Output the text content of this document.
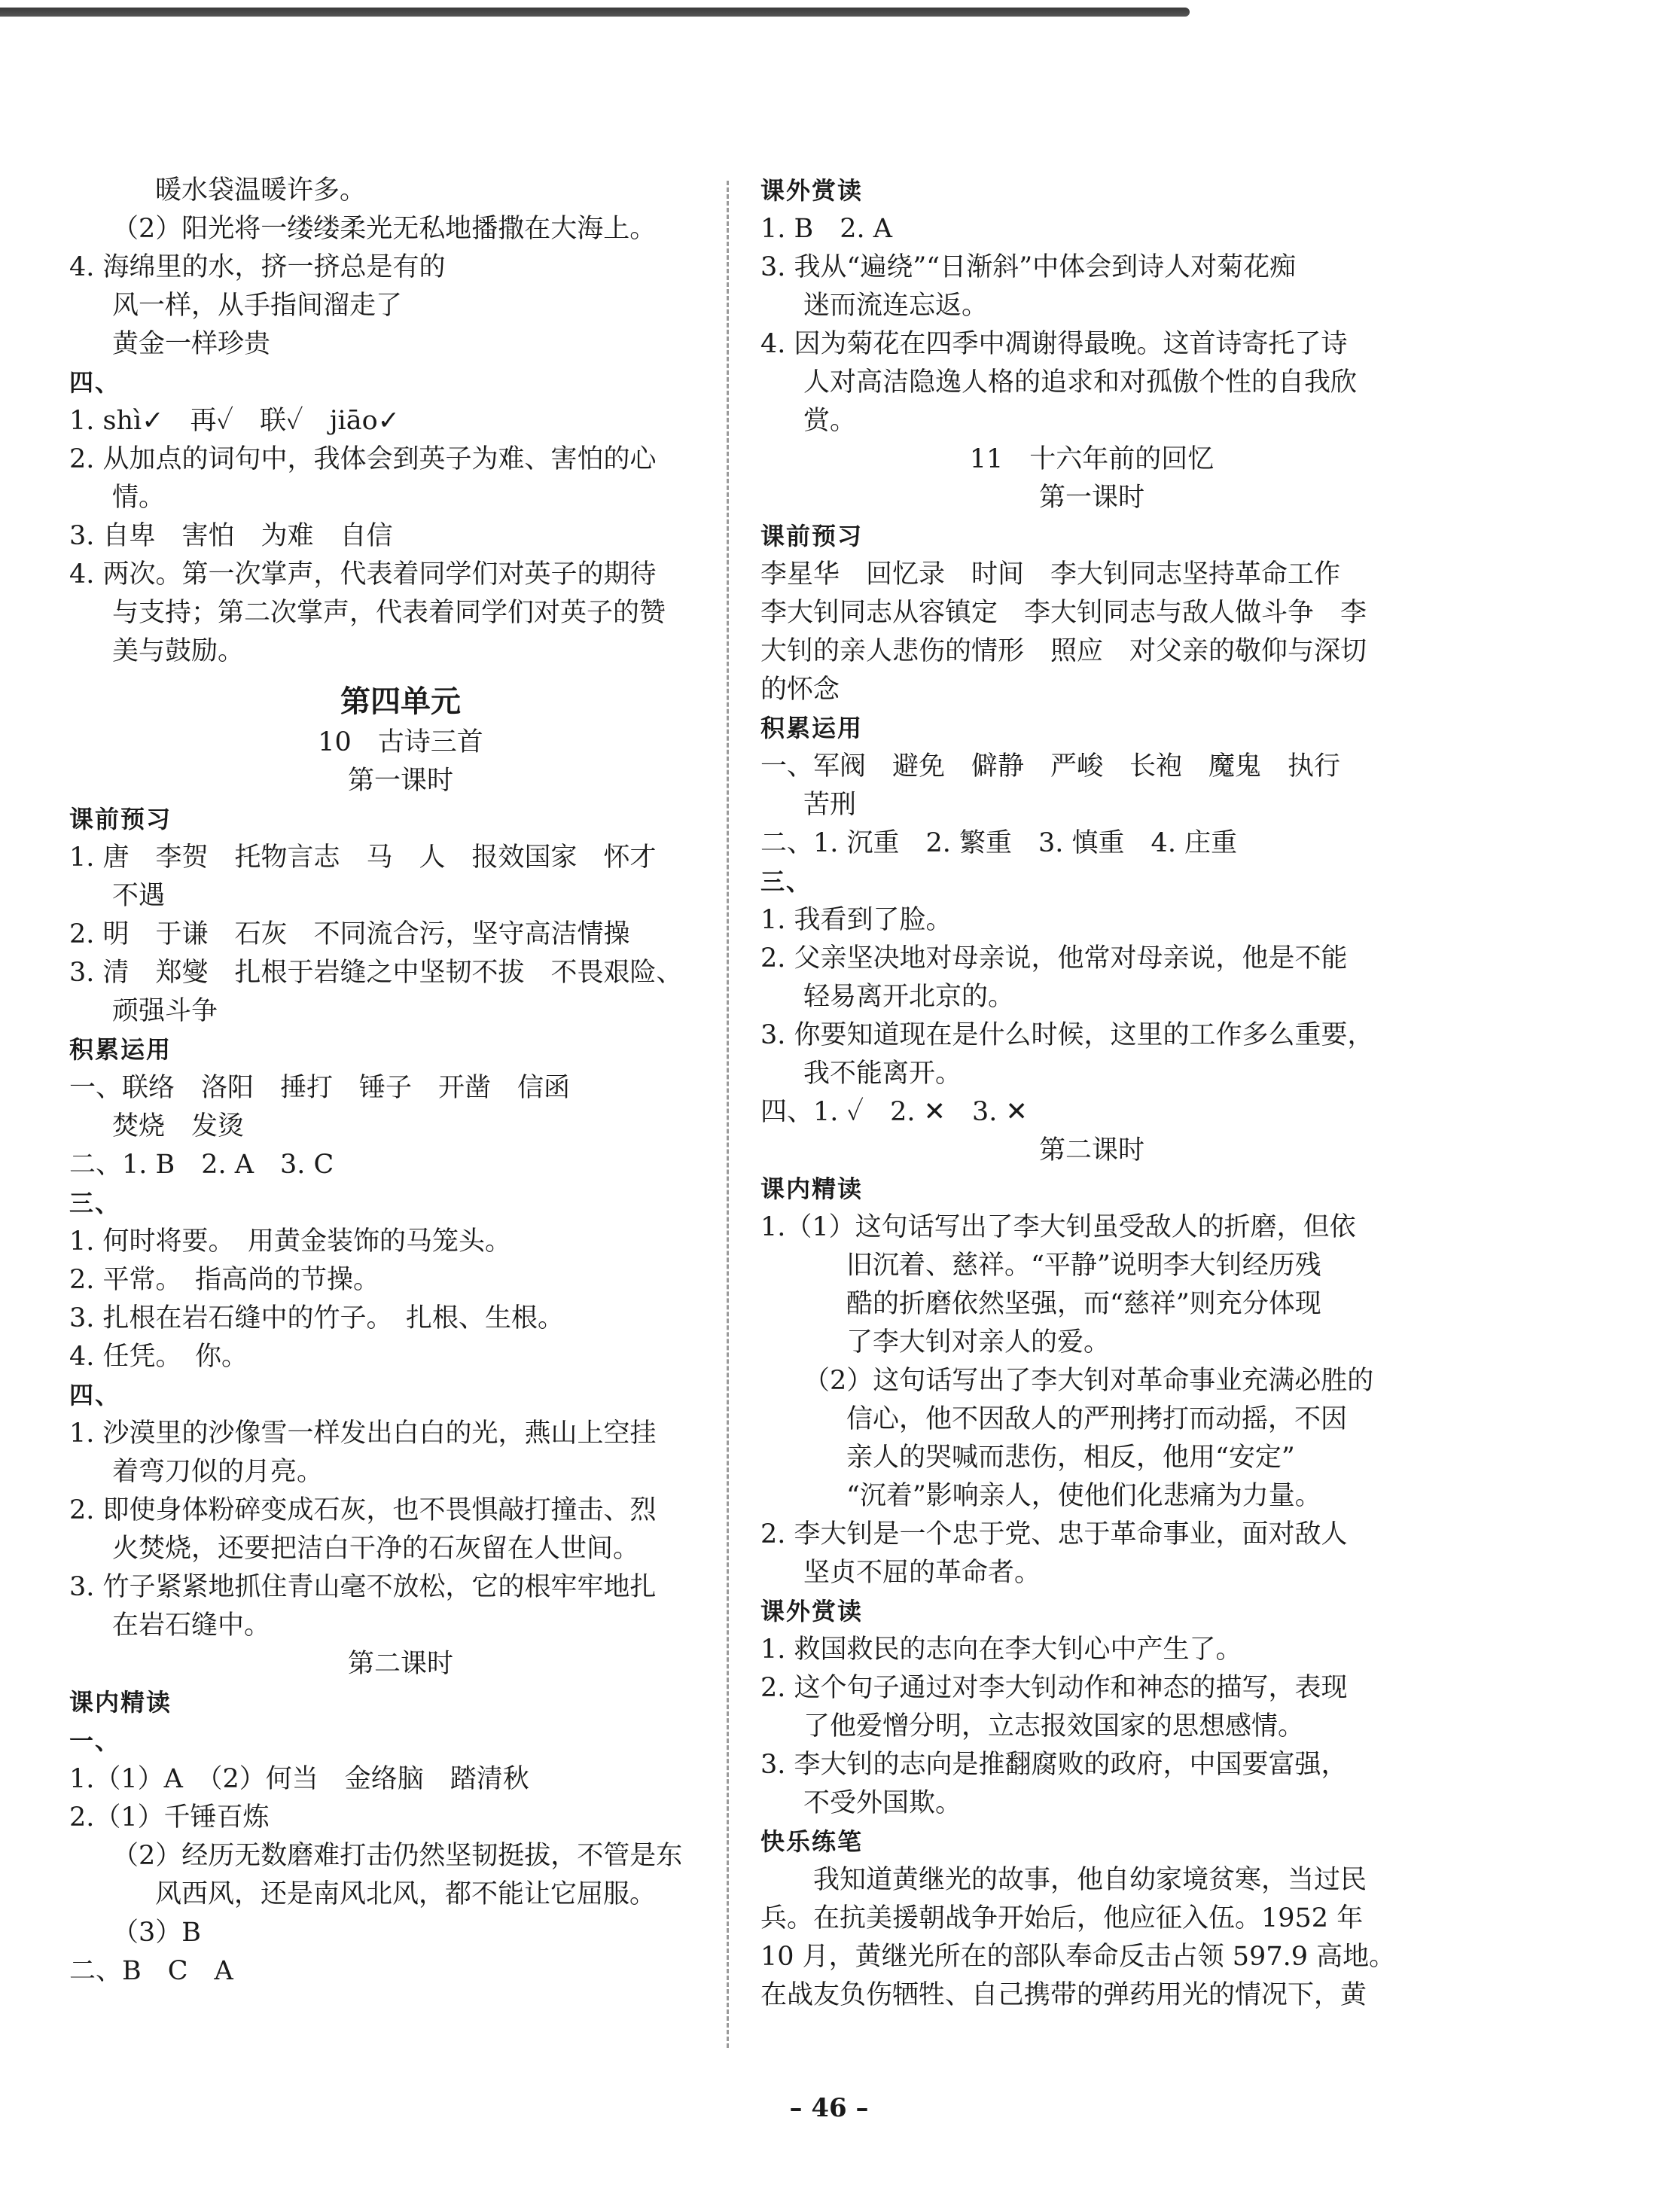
暖水袋温暖许多。
（2）阳光将一缕缕柔光无私地播撒在大海上。
4. 海绵里的水，挤一挤总是有的
风一样，从手指间溜走了
黄金一样珍贵
四、
1. shì✓　再✓　联✓　jiāo✓
2. 从加点的词句中，我体会到英子为难、害怕的心
情。
3. 自卑　害怕　为难　自信
4. 两次。第一次掌声，代表着同学们对英子的期待
与支持；第二次掌声，代表着同学们对英子的赞
美与鼓励。
第四单元
10　古诗三首
第一课时
课前预习
1. 唐　李贺　托物言志　马　人　报效国家　怀才
不遇
2. 明　于谦　石灰　不同流合污，坚守高洁情操
3. 清　郑燮　扎根于岩缝之中坚韧不拔　不畏艰险、
顽强斗争
积累运用
一、联络　洛阳　捶打　锤子　开凿　信函
焚烧　发烫
二、1. B　2. A　3. C
三、
1. 何时将要。　用黄金装饰的马笼头。
2. 平常。　指高尚的节操。
3. 扎根在岩石缝中的竹子。　扎根、生根。
4. 任凭。　你。
四、
1. 沙漠里的沙像雪一样发出白白的光，燕山上空挂
着弯刀似的月亮。
2. 即使身体粉碎变成石灰，也不畏惧敲打撞击、烈
火焚烧，还要把洁白干净的石灰留在人世间。
3. 竹子紧紧地抓住青山毫不放松，它的根牢牢地扎
在岩石缝中。
第二课时
课内精读
一、
1.（1）A　（2）何当　金络脑　踏清秋
2.（1）千锤百炼
（2）经历无数磨难打击仍然坚韧挺拔，不管是东
风西风，还是南风北风，都不能让它屈服。
（3）B
二、B　C　A
课外赏读
1. B　2. A
3. 我从“遍绕”“日渐斜”中体会到诗人对菊花痴
迷而流连忘返。
4. 因为菊花在四季中凋谢得最晚。这首诗寄托了诗
人对高洁隐逸人格的追求和对孤傲个性的自我欣
赏。
11　十六年前的回忆
第一课时
课前预习
李星华　回忆录　时间　李大钊同志坚持革命工作
李大钊同志从容镇定　李大钊同志与敌人做斗争　李
大钊的亲人悲伤的情形　照应　对父亲的敬仰与深切
的怀念
积累运用
一、军阀　避免　僻静　严峻　长袍　魔鬼　执行
苦刑
二、1. 沉重　2. 繁重　3. 慎重　4. 庄重
三、
1. 我看到了脸。
2. 父亲坚决地对母亲说，他常对母亲说，他是不能
轻易离开北京的。
3. 你要知道现在是什么时候，这里的工作多么重要，
我不能离开。
四、1. ✓　2. ✕　3. ✕
第二课时
课内精读
1.（1）这句话写出了李大钊虽受敌人的折磨，但依
旧沉着、慈祥。“平静”说明李大钊经历残
酷的折磨依然坚强，而“慈祥”则充分体现
了李大钊对亲人的爱。
（2）这句话写出了李大钊对革命事业充满必胜的
信心，他不因敌人的严刑拷打而动摇，不因
亲人的哭喊而悲伤，相反，他用“安定”
“沉着”影响亲人，使他们化悲痛为力量。
2. 李大钊是一个忠于党、忠于革命事业，面对敌人
坚贞不屈的革命者。
课外赏读
1. 救国救民的志向在李大钊心中产生了。
2. 这个句子通过对李大钊动作和神态的描写，表现
了他爱憎分明，立志报效国家的思想感情。
3. 李大钊的志向是推翻腐败的政府，中国要富强，
不受外国欺。
快乐练笔
我知道黄继光的故事，他自幼家境贫寒，当过民
兵。在抗美援朝战争开始后，他应征入伍。1952 年
10 月，黄继光所在的部队奉命反击占领 597.9 高地。
在战友负伤牺牲、自己携带的弹药用光的情况下，黄
– 46 –
